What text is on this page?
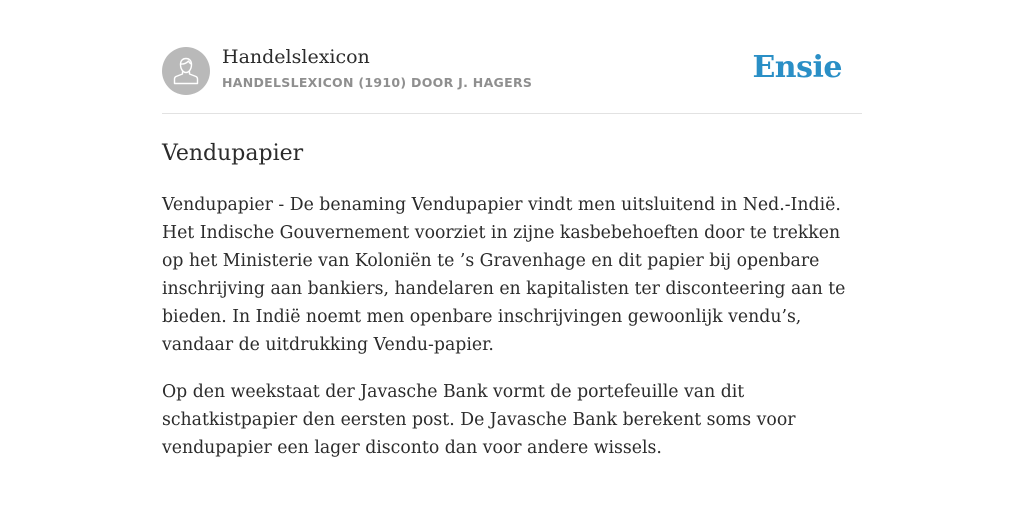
Handelslexicon
HANDELSLEXICON (1910) DOOR J. HAGERS	Ensie
Vendupapier

Vendupapier - De benaming Vendupapier vindt men uitsluitend in Ned.-Indië. Het Indische Gouvernement voorziet in zijne kasbebehoeften door te trekken op het Ministerie van Koloniën te ’s Gravenhage en dit papier bij openbare inschrijving aan bankiers, handelaren en kapitalisten ter disconteering aan te bieden. In Indië noemt men openbare inschrijvingen gewoonlijk vendu’s, vandaar de uitdrukking Vendu-papier.

Op den weekstaat der Javasche Bank vormt de portefeuille van dit schatkistpapier den eersten post. De Javasche Bank berekent soms voor vendupapier een lager disconto dan voor andere wissels.
